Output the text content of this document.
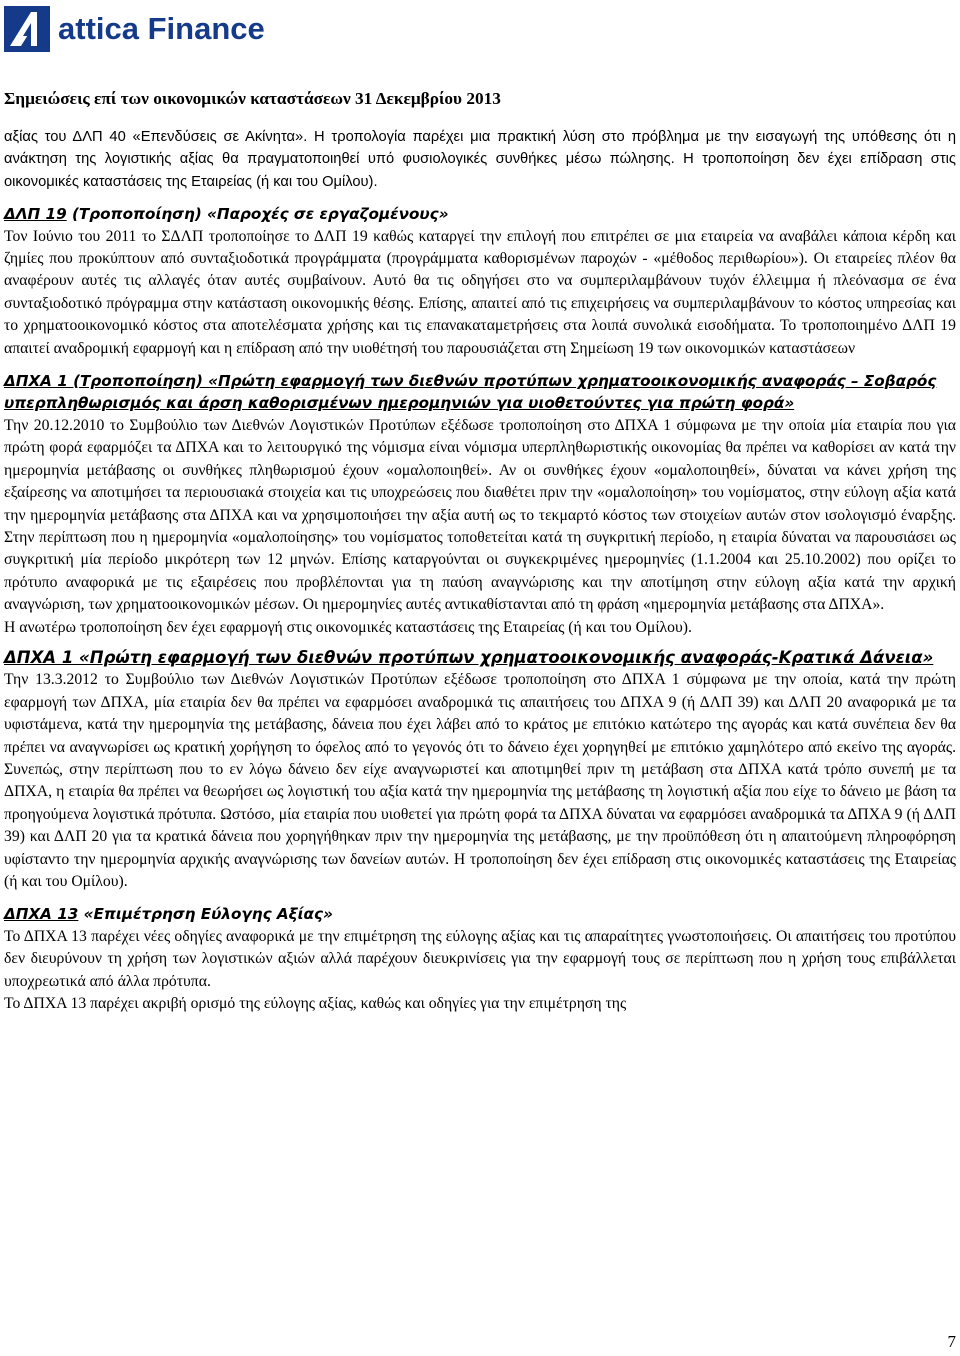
attica Finance
Σημειώσεις επί των οικονομικών καταστάσεων 31 Δεκεμβρίου 2013

αξίας του ΔΛΠ 40 «Επενδύσεις σε Ακίνητα». Η τροπολογία παρέχει μια πρακτική λύση στο πρόβλημα με την εισαγωγή της υπόθεσης ότι η ανάκτηση της λογιστικής αξίας θα πραγματοποιηθεί υπό φυσιολογικές συνθήκες μέσω πώλησης. Η τροποποίηση δεν έχει επίδραση στις οικονομικές καταστάσεις της Εταιρείας (ή και του Ομίλου).

ΔΛΠ 19 (Τροποποίηση) «Παροχές σε εργαζομένους»

Τον Ιούνιο του 2011 το ΣΔΛΠ τροποποίησε το ΔΛΠ 19 καθώς καταργεί την επιλογή που επιτρέπει σε μια εταιρεία να αναβάλει κάποια κέρδη και ζημίες που προκύπτουν από συνταξιοδοτικά προγράμματα (προγράμματα καθορισμένων παροχών - «μέθοδος περιθωρίου»). Οι εταιρείες πλέον θα αναφέρουν αυτές τις αλλαγές όταν αυτές συμβαίνουν. Αυτό θα τις οδηγήσει στο να συμπεριλαμβάνουν τυχόν έλλειμμα ή πλεόνασμα σε ένα συνταξιοδοτικό πρόγραμμα στην κατάσταση οικονομικής θέσης. Επίσης, απαιτεί από τις επιχειρήσεις να συμπεριλαμβάνουν το κόστος υπηρεσίας και το χρηματοοικονομικό κόστος στα αποτελέσματα χρήσης και τις επανακαταμετρήσεις στα λοιπά συνολικά εισοδήματα. Το τροποποιημένο ΔΛΠ 19 απαιτεί αναδρομική εφαρμογή και η επίδραση από την υιοθέτησή του παρουσιάζεται στη Σημείωση 19 των οικονομικών καταστάσεων

ΔΠΧΑ 1 (Τροποποίηση) «Πρώτη εφαρμογή των διεθνών προτύπων χρηματοοικονομικής αναφοράς – Σοβαρός υπερπληθωρισμός και άρση καθορισμένων ημερομηνιών για υιοθετούντες για πρώτη φορά»

Την 20.12.2010 το Συμβούλιο των Διεθνών Λογιστικών Προτύπων εξέδωσε τροποποίηση στο ΔΠΧΑ 1 σύμφωνα με την οποία μία εταιρία που για πρώτη φορά εφαρμόζει τα ΔΠΧΑ και το λειτουργικό της νόμισμα είναι νόμισμα υπερπληθωριστικής οικονομίας θα πρέπει να καθορίσει αν κατά την ημερομηνία μετάβασης οι συνθήκες πληθωρισμού έχουν «ομαλοποιηθεί». Αν οι συνθήκες έχουν «ομαλοποιηθεί», δύναται να κάνει χρήση της εξαίρεσης να αποτιμήσει τα περιουσιακά στοιχεία και τις υποχρεώσεις που διαθέτει πριν την «ομαλοποίηση» του νομίσματος, στην εύλογη αξία κατά την ημερομηνία μετάβασης στα ΔΠΧΑ και να χρησιμοποιήσει την αξία αυτή ως το τεκμαρτό κόστος των στοιχείων αυτών στον ισολογισμό έναρξης. Στην περίπτωση που η ημερομηνία «ομαλοποίησης» του νομίσματος τοποθετείται κατά τη συγκριτική περίοδο, η εταιρία δύναται να παρουσιάσει ως συγκριτική μία περίοδο μικρότερη των 12 μηνών. Επίσης καταργούνται οι συγκεκριμένες ημερομηνίες (1.1.2004 και 25.10.2002) που ορίζει το πρότυπο αναφορικά με τις εξαιρέσεις που προβλέπονται για τη παύση αναγνώρισης και την αποτίμηση στην εύλογη αξία κατά την αρχική αναγνώριση, των χρηματοοικονομικών μέσων. Οι ημερομηνίες αυτές αντικαθίστανται από τη φράση «ημερομηνία μετάβασης στα ΔΠΧΑ».

Η ανωτέρω τροποποίηση δεν έχει εφαρμογή στις οικονομικές καταστάσεις της Εταιρείας (ή και του Ομίλου).

ΔΠΧΑ 1 «Πρώτη εφαρμογή των διεθνών προτύπων χρηματοοικονομικής αναφοράς-Κρατικά Δάνεια»

Την 13.3.2012 το Συμβούλιο των Διεθνών Λογιστικών Προτύπων εξέδωσε τροποποίηση στο ΔΠΧΑ 1 σύμφωνα με την οποία, κατά την πρώτη εφαρμογή των ΔΠΧΑ, μία εταιρία δεν θα πρέπει να εφαρμόσει αναδρομικά τις απαιτήσεις του ΔΠΧΑ 9 (ή ΔΛΠ 39) και ΔΛΠ 20 αναφορικά με τα υφιστάμενα, κατά την ημερομηνία της μετάβασης, δάνεια που έχει λάβει από το κράτος με επιτόκιο κατώτερο της αγοράς και κατά συνέπεια δεν θα πρέπει να αναγνωρίσει ως κρατική χορήγηση το όφελος από το γεγονός ότι το δάνειο έχει χορηγηθεί με επιτόκιο χαμηλότερο από εκείνο της αγοράς. Συνεπώς, στην περίπτωση που το εν λόγω δάνειο δεν είχε αναγνωριστεί και αποτιμηθεί πριν τη μετάβαση στα ΔΠΧΑ κατά τρόπο συνεπή με τα ΔΠΧΑ, η εταιρία θα πρέπει να θεωρήσει ως λογιστική του αξία κατά την ημερομηνία της μετάβασης τη λογιστική αξία που είχε το δάνειο με βάση τα προηγούμενα λογιστικά πρότυπα. Ωστόσο, μία εταιρία που υιοθετεί για πρώτη φορά τα ΔΠΧΑ δύναται να εφαρμόσει αναδρομικά τα ΔΠΧΑ 9 (ή ΔΛΠ 39) και ΔΛΠ 20 για τα κρατικά δάνεια που χορηγήθηκαν πριν την ημερομηνία της μετάβασης, με την προϋπόθεση ότι η απαιτούμενη πληροφόρηση υφίσταντο την ημερομηνία αρχικής αναγνώρισης των δανείων αυτών. Η τροποποίηση δεν έχει επίδραση στις οικονομικές καταστάσεις της Εταιρείας (ή και του Ομίλου).

ΔΠΧΑ 13 «Επιμέτρηση Εύλογης Αξίας»

Το ΔΠΧΑ 13 παρέχει νέες οδηγίες αναφορικά με την επιμέτρηση της εύλογης αξίας και τις απαραίτητες γνωστοποιήσεις. Οι απαιτήσεις του προτύπου δεν διευρύνουν τη χρήση των λογιστικών αξιών αλλά παρέχουν διευκρινίσεις για την εφαρμογή τους σε περίπτωση που η χρήση τους επιβάλλεται υποχρεωτικά από άλλα πρότυπα.

Το ΔΠΧΑ 13 παρέχει ακριβή ορισμό της εύλογης αξίας, καθώς και οδηγίες για την επιμέτρηση της

7
